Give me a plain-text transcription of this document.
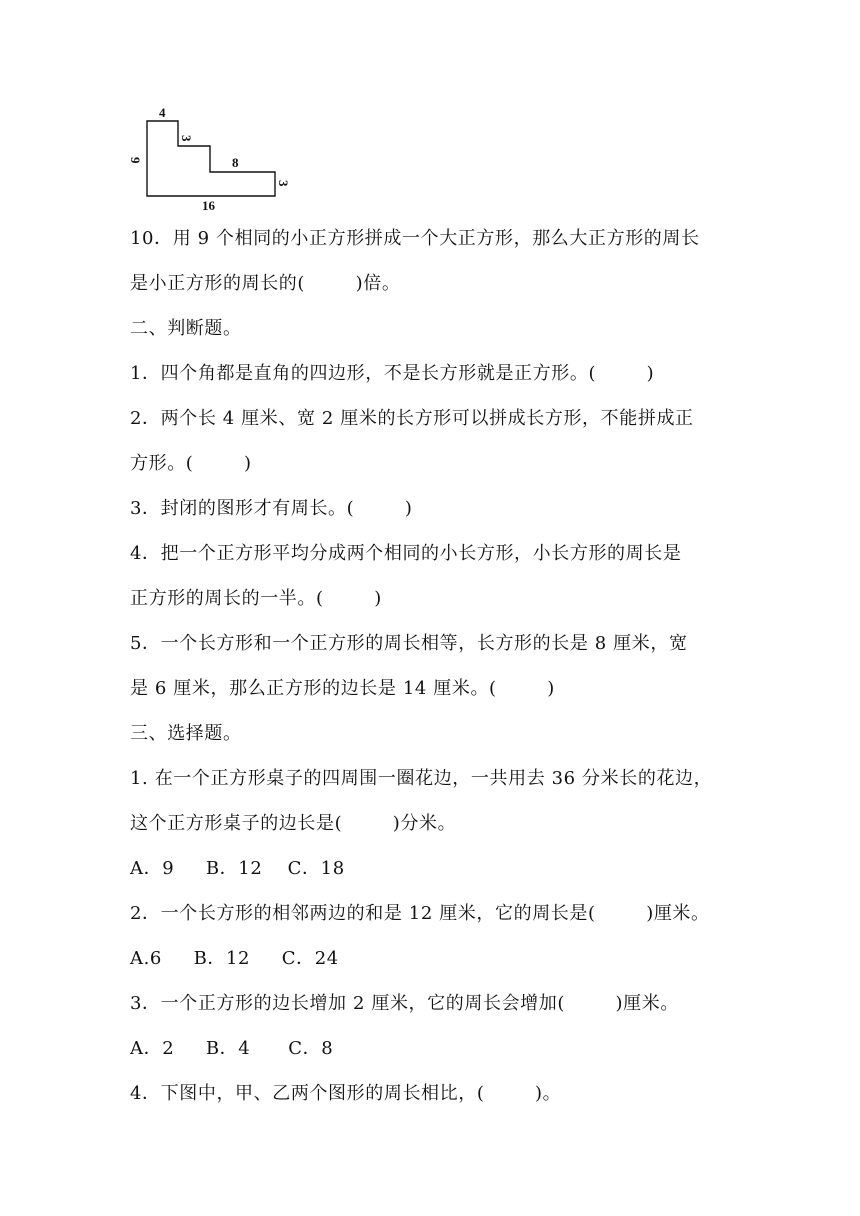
4
3
9	8
3
16
10．用 9 个相同的小正方形拼成一个大正方形，那么大正方形的周长
是小正方形的周长的(        )倍。
二、判断题。
1．四个角都是直角的四边形，不是长方形就是正方形。(        )
2．两个长 4 厘米、宽 2 厘米的长方形可以拼成长方形，不能拼成正
方形。(        )
3．封闭的图形才有周长。(        )
4．把一个正方形平均分成两个相同的小长方形，小长方形的周长是
正方形的周长的一半。(        )
5．一个长方形和一个正方形的周长相等，长方形的长是 8 厘米，宽
是 6 厘米，那么正方形的边长是 14 厘米。(        )
三、选择题。
1. 在一个正方形桌子的四周围一圈花边，一共用去 36 分米长的花边，
这个正方形桌子的边长是(        )分米。
A．9     B．12    C．18
2．一个长方形的相邻两边的和是 12 厘米，它的周长是(        )厘米。
A.6     B．12     C．24
3．一个正方形的边长增加 2 厘米，它的周长会增加(        )厘米。
A．2     B．4      C．8
4．下图中，甲、乙两个图形的周长相比，(        )。
